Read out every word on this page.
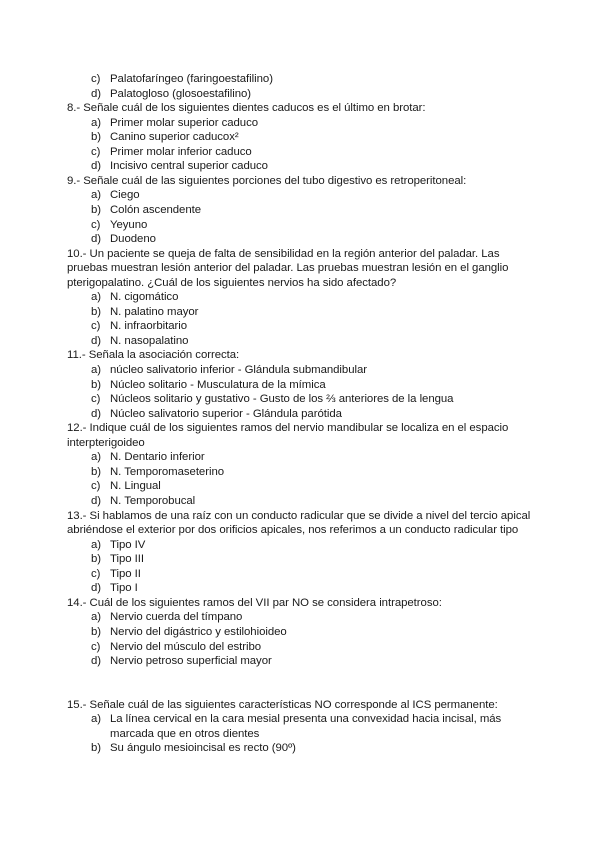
c) Palatofaríngeo (faringoestafilino)
d) Palatogloso (glosoestafilino)
8.- Señale cuál de los siguientes dientes caducos es el último en brotar:
a) Primer molar superior caduco
b) Canino superior caducox²
c) Primer molar inferior caduco
d) Incisivo central superior caduco
9.- Señale cuál de las siguientes porciones del tubo digestivo es retroperitoneal:
a) Ciego
b) Colón ascendente
c) Yeyuno
d) Duodeno
10.- Un paciente se queja de falta de sensibilidad en la región anterior del paladar. Las
pruebas muestran lesión anterior del paladar. Las pruebas muestran lesión en el ganglio
pterigopalatino. ¿Cuál de los siguientes nervios ha sido afectado?
a) N. cigomático
b) N. palatino mayor
c) N. infraorbitario
d) N. nasopalatino
11.- Señala la asociación correcta:
a) núcleo salivatorio inferior - Glándula submandibular
b) Núcleo solitario - Musculatura de la mímica
c) Núcleos solitario y gustativo - Gusto de los ⅔ anteriores de la lengua
d) Núcleo salivatorio superior - Glándula parótida
12.- Indique cuál de los siguientes ramos del nervio mandibular se localiza en el espacio
interpterigoideo
a) N. Dentario inferior
b) N. Temporomaseterino
c) N. Lingual
d) N. Temporobucal
13.- Si hablamos de una raíz con un conducto radicular que se divide a nivel del tercio apical
abriéndose el exterior por dos orificios apicales, nos referimos a un conducto radicular tipo
a) Tipo IV
b) Tipo III
c) Tipo II
d) Tipo I
14.- Cuál de los siguientes ramos del VII par NO se considera intrapetroso:
a) Nervio cuerda del tímpano
b) Nervio del digástrico y estilohioideo
c) Nervio del músculo del estribo
d) Nervio petroso superficial mayor
15.- Señale cuál de las siguientes características NO corresponde al ICS permanente:
a) La línea cervical en la cara mesial presenta una convexidad hacia incisal, más
marcada que en otros dientes
b) Su ángulo mesioincisal es recto (90º)
